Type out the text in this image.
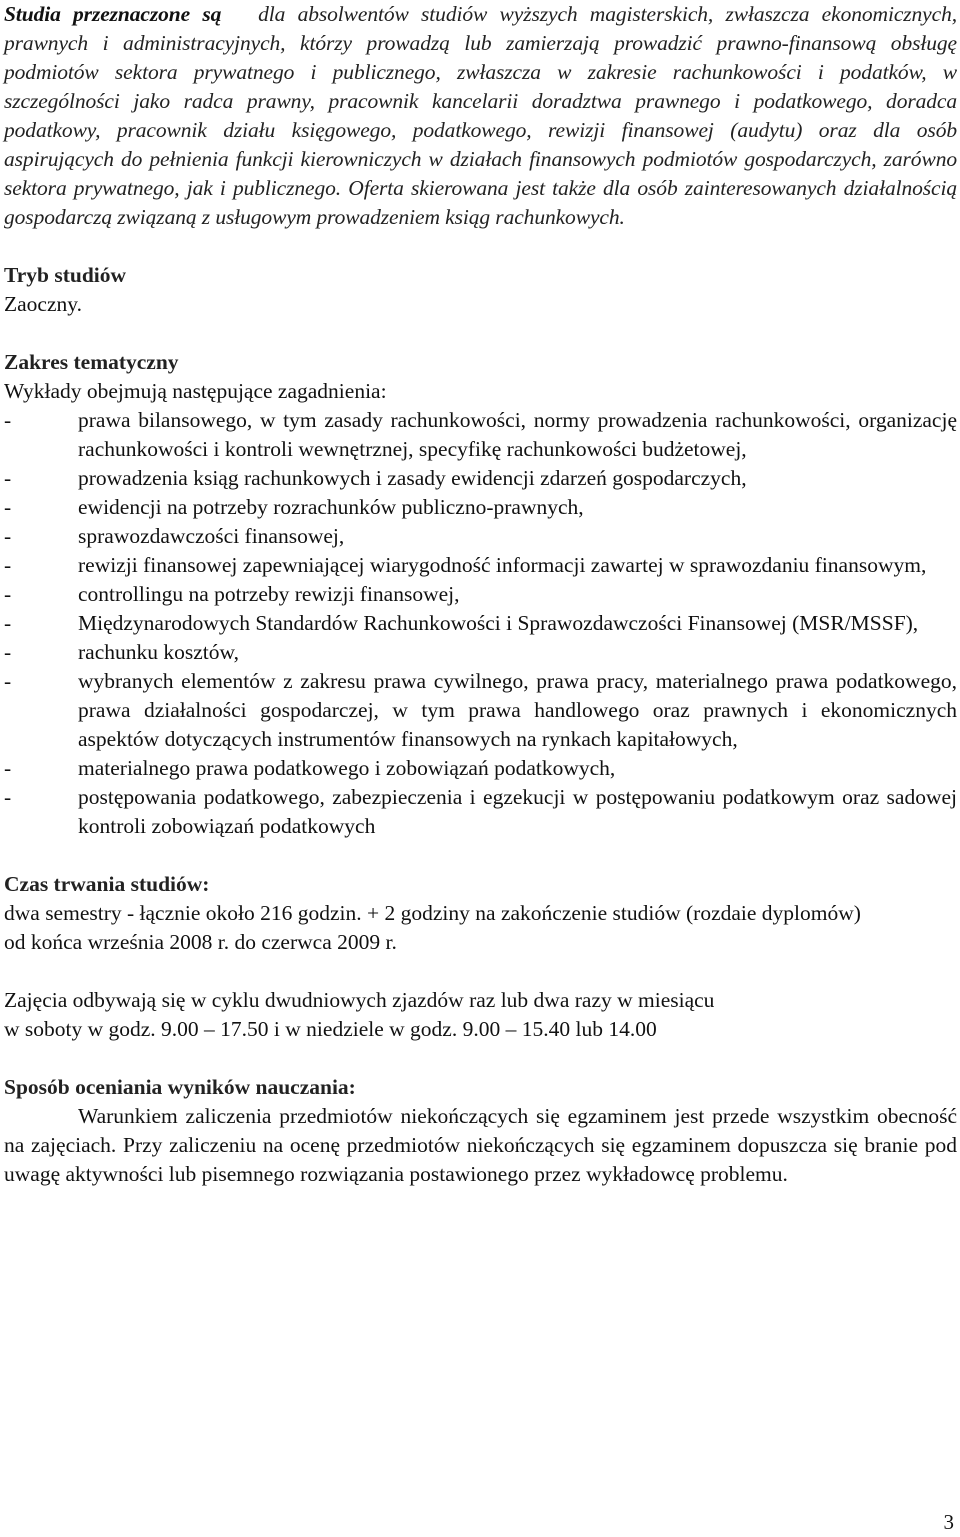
Studia przeznaczone są dla absolwentów studiów wyższych magisterskich, zwłaszcza ekonomicznych, prawnych i administracyjnych, którzy prowadzą lub zamierzają prowadzić prawno-finansową obsługę podmiotów sektora prywatnego i publicznego, zwłaszcza w zakresie rachunkowości i podatków, w szczególności jako radca prawny, pracownik kancelarii doradztwa prawnego i podatkowego, doradca podatkowy, pracownik działu księgowego, podatkowego, rewizji finansowej (audytu) oraz dla osób aspirujących do pełnienia funkcji kierowniczych w działach finansowych podmiotów gospodarczych, zarówno sektora prywatnego, jak i publicznego. Oferta skierowana jest także dla osób zainteresowanych działalnością gospodarczą związaną z usługowym prowadzeniem ksiąg rachunkowych.

Tryb studiów

Zaoczny.

Zakres tematyczny

Wykłady obejmują następujące zagadnienia:

-	prawa bilansowego, w tym zasady rachunkowości, normy prowadzenia rachunkowości, organizację rachunkowości i kontroli wewnętrznej, specyfikę rachunkowości budżetowej,
-	prowadzenia ksiąg rachunkowych i zasady ewidencji zdarzeń gospodarczych,
-	ewidencji na potrzeby rozrachunków publiczno-prawnych,
-	sprawozdawczości finansowej,
-	rewizji finansowej zapewniającej wiarygodność informacji zawartej w sprawozdaniu finansowym,
-	controllingu na potrzeby rewizji finansowej,
-	Międzynarodowych Standardów Rachunkowości i Sprawozdawczości Finansowej (MSR/MSSF),
-	rachunku kosztów,
-	wybranych elementów z zakresu prawa cywilnego, prawa pracy, materialnego prawa podatkowego, prawa działalności gospodarczej, w tym prawa handlowego oraz prawnych i ekonomicznych aspektów dotyczących instrumentów finansowych na rynkach kapitałowych,
-	materialnego prawa podatkowego i zobowiązań podatkowych,
-	postępowania podatkowego, zabezpieczenia i egzekucji w postępowaniu podatkowym oraz sadowej kontroli zobowiązań podatkowych

Czas trwania studiów:

dwa semestry - łącznie około 216 godzin. + 2 godziny na zakończenie studiów (rozdaie dyplomów)

od końca września 2008 r. do czerwca 2009 r.

Zajęcia odbywają się w cyklu dwudniowych zjazdów raz lub dwa razy w miesiącu

w soboty w godz. 9.00 – 17.50 i w niedziele w godz. 9.00 – 15.40 lub 14.00

Sposób oceniania wyników nauczania:

Warunkiem zaliczenia przedmiotów niekończących się egzaminem jest przede wszystkim obecność na zajęciach. Przy zaliczeniu na ocenę przedmiotów niekończących się egzaminem dopuszcza się branie pod uwagę aktywności lub pisemnego rozwiązania postawionego przez wykładowcę problemu.

3
